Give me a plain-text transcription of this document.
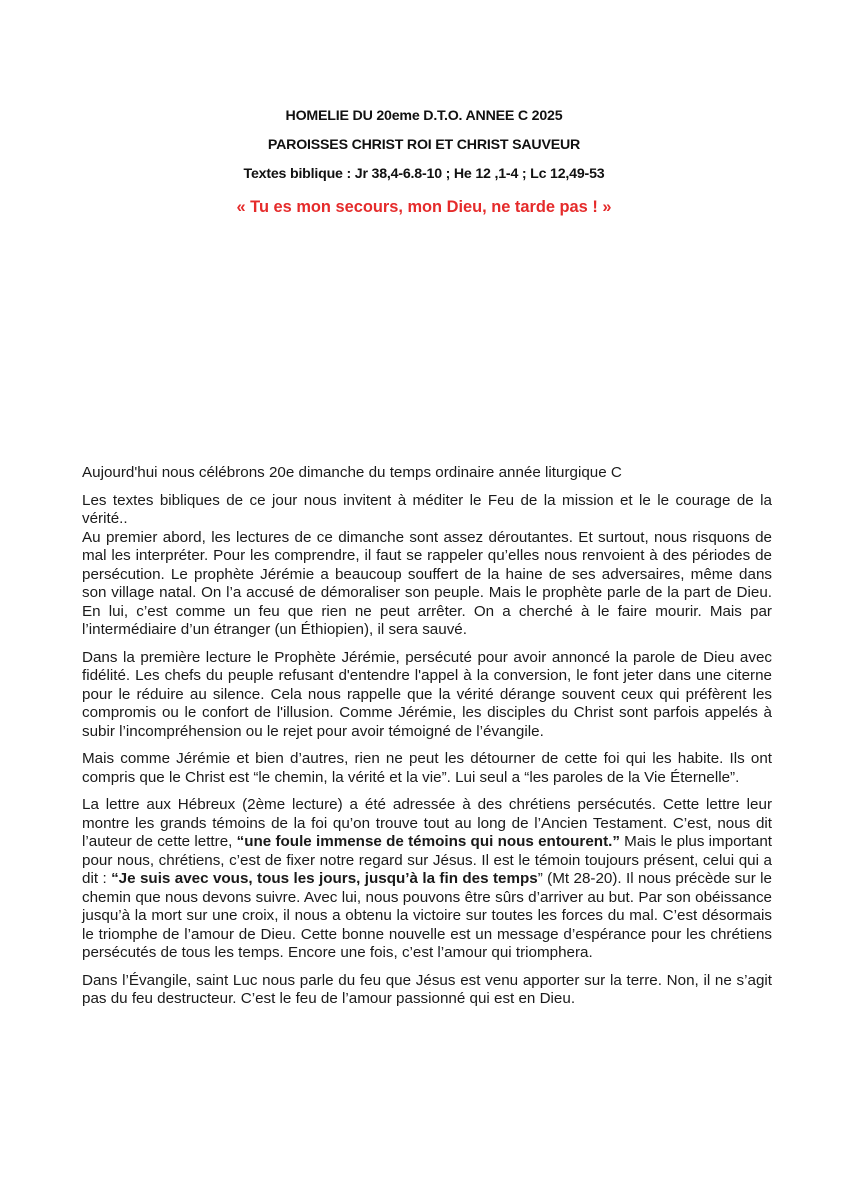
HOMELIE DU 20eme D.T.O. ANNEE C 2025
PAROISSES CHRIST ROI ET CHRIST SAUVEUR
Textes biblique : Jr 38,4-6.8-10 ; He 12 ,1-4 ; Lc 12,49-53
« Tu es mon secours, mon Dieu, ne tarde pas ! »

Aujourd'hui nous célébrons 20e dimanche du temps ordinaire année liturgique C

Les textes bibliques de ce jour nous invitent à méditer le Feu de la mission et le le courage de la vérité..
Au premier abord, les lectures de ce dimanche sont assez déroutantes. Et surtout, nous risquons de mal les interpréter. Pour les comprendre, il faut se rappeler qu’elles nous renvoient à des périodes de persécution. Le prophète Jérémie a beaucoup souffert de la haine de ses adversaires, même dans son village natal. On l’a accusé de démoraliser son peuple. Mais le prophète parle de la part de Dieu. En lui, c’est comme un feu que rien ne peut arrêter. On a cherché à le faire mourir. Mais par l’intermédiaire d’un étranger (un Éthiopien), il sera sauvé.

Dans la première lecture le Prophète Jérémie, persécuté pour avoir annoncé la parole de Dieu avec fidélité. Les chefs du peuple refusant d'entendre l'appel à la conversion, le font jeter dans une citerne pour le réduire au silence. Cela nous rappelle que la vérité dérange souvent ceux qui préfèrent les compromis ou le confort de l'illusion. Comme Jérémie, les disciples du Christ sont parfois appelés à subir l’incompréhension ou le rejet pour avoir témoigné de l’évangile.

Mais comme Jérémie et bien d’autres, rien ne peut les détourner de cette foi qui les habite. Ils ont compris que le Christ est “le chemin, la vérité et la vie”. Lui seul a “les paroles de la Vie Éternelle”.

La lettre aux Hébreux (2ème lecture) a été adressée à des chrétiens persécutés. Cette lettre leur montre les grands témoins de la foi qu’on trouve tout au long de l’Ancien Testament. C’est, nous dit l’auteur de cette lettre, “une foule immense de témoins qui nous entourent.” Mais le plus important pour nous, chrétiens, c’est de fixer notre regard sur Jésus. Il est le témoin toujours présent, celui qui a dit : “Je suis avec vous, tous les jours, jusqu’à la fin des temps” (Mt 28-20). Il nous précède sur le chemin que nous devons suivre. Avec lui, nous pouvons être sûrs d’arriver au but. Par son obéissance jusqu’à la mort sur une croix, il nous a obtenu la victoire sur toutes les forces du mal. C’est désormais le triomphe de l’amour de Dieu. Cette bonne nouvelle est un message d’espérance pour les chrétiens persécutés de tous les temps. Encore une fois, c’est l’amour qui triomphera.

Dans l’Évangile, saint Luc nous parle du feu que Jésus est venu apporter sur la terre. Non, il ne s’agit pas du feu destructeur. C’est le feu de l’amour passionné qui est en Dieu.
